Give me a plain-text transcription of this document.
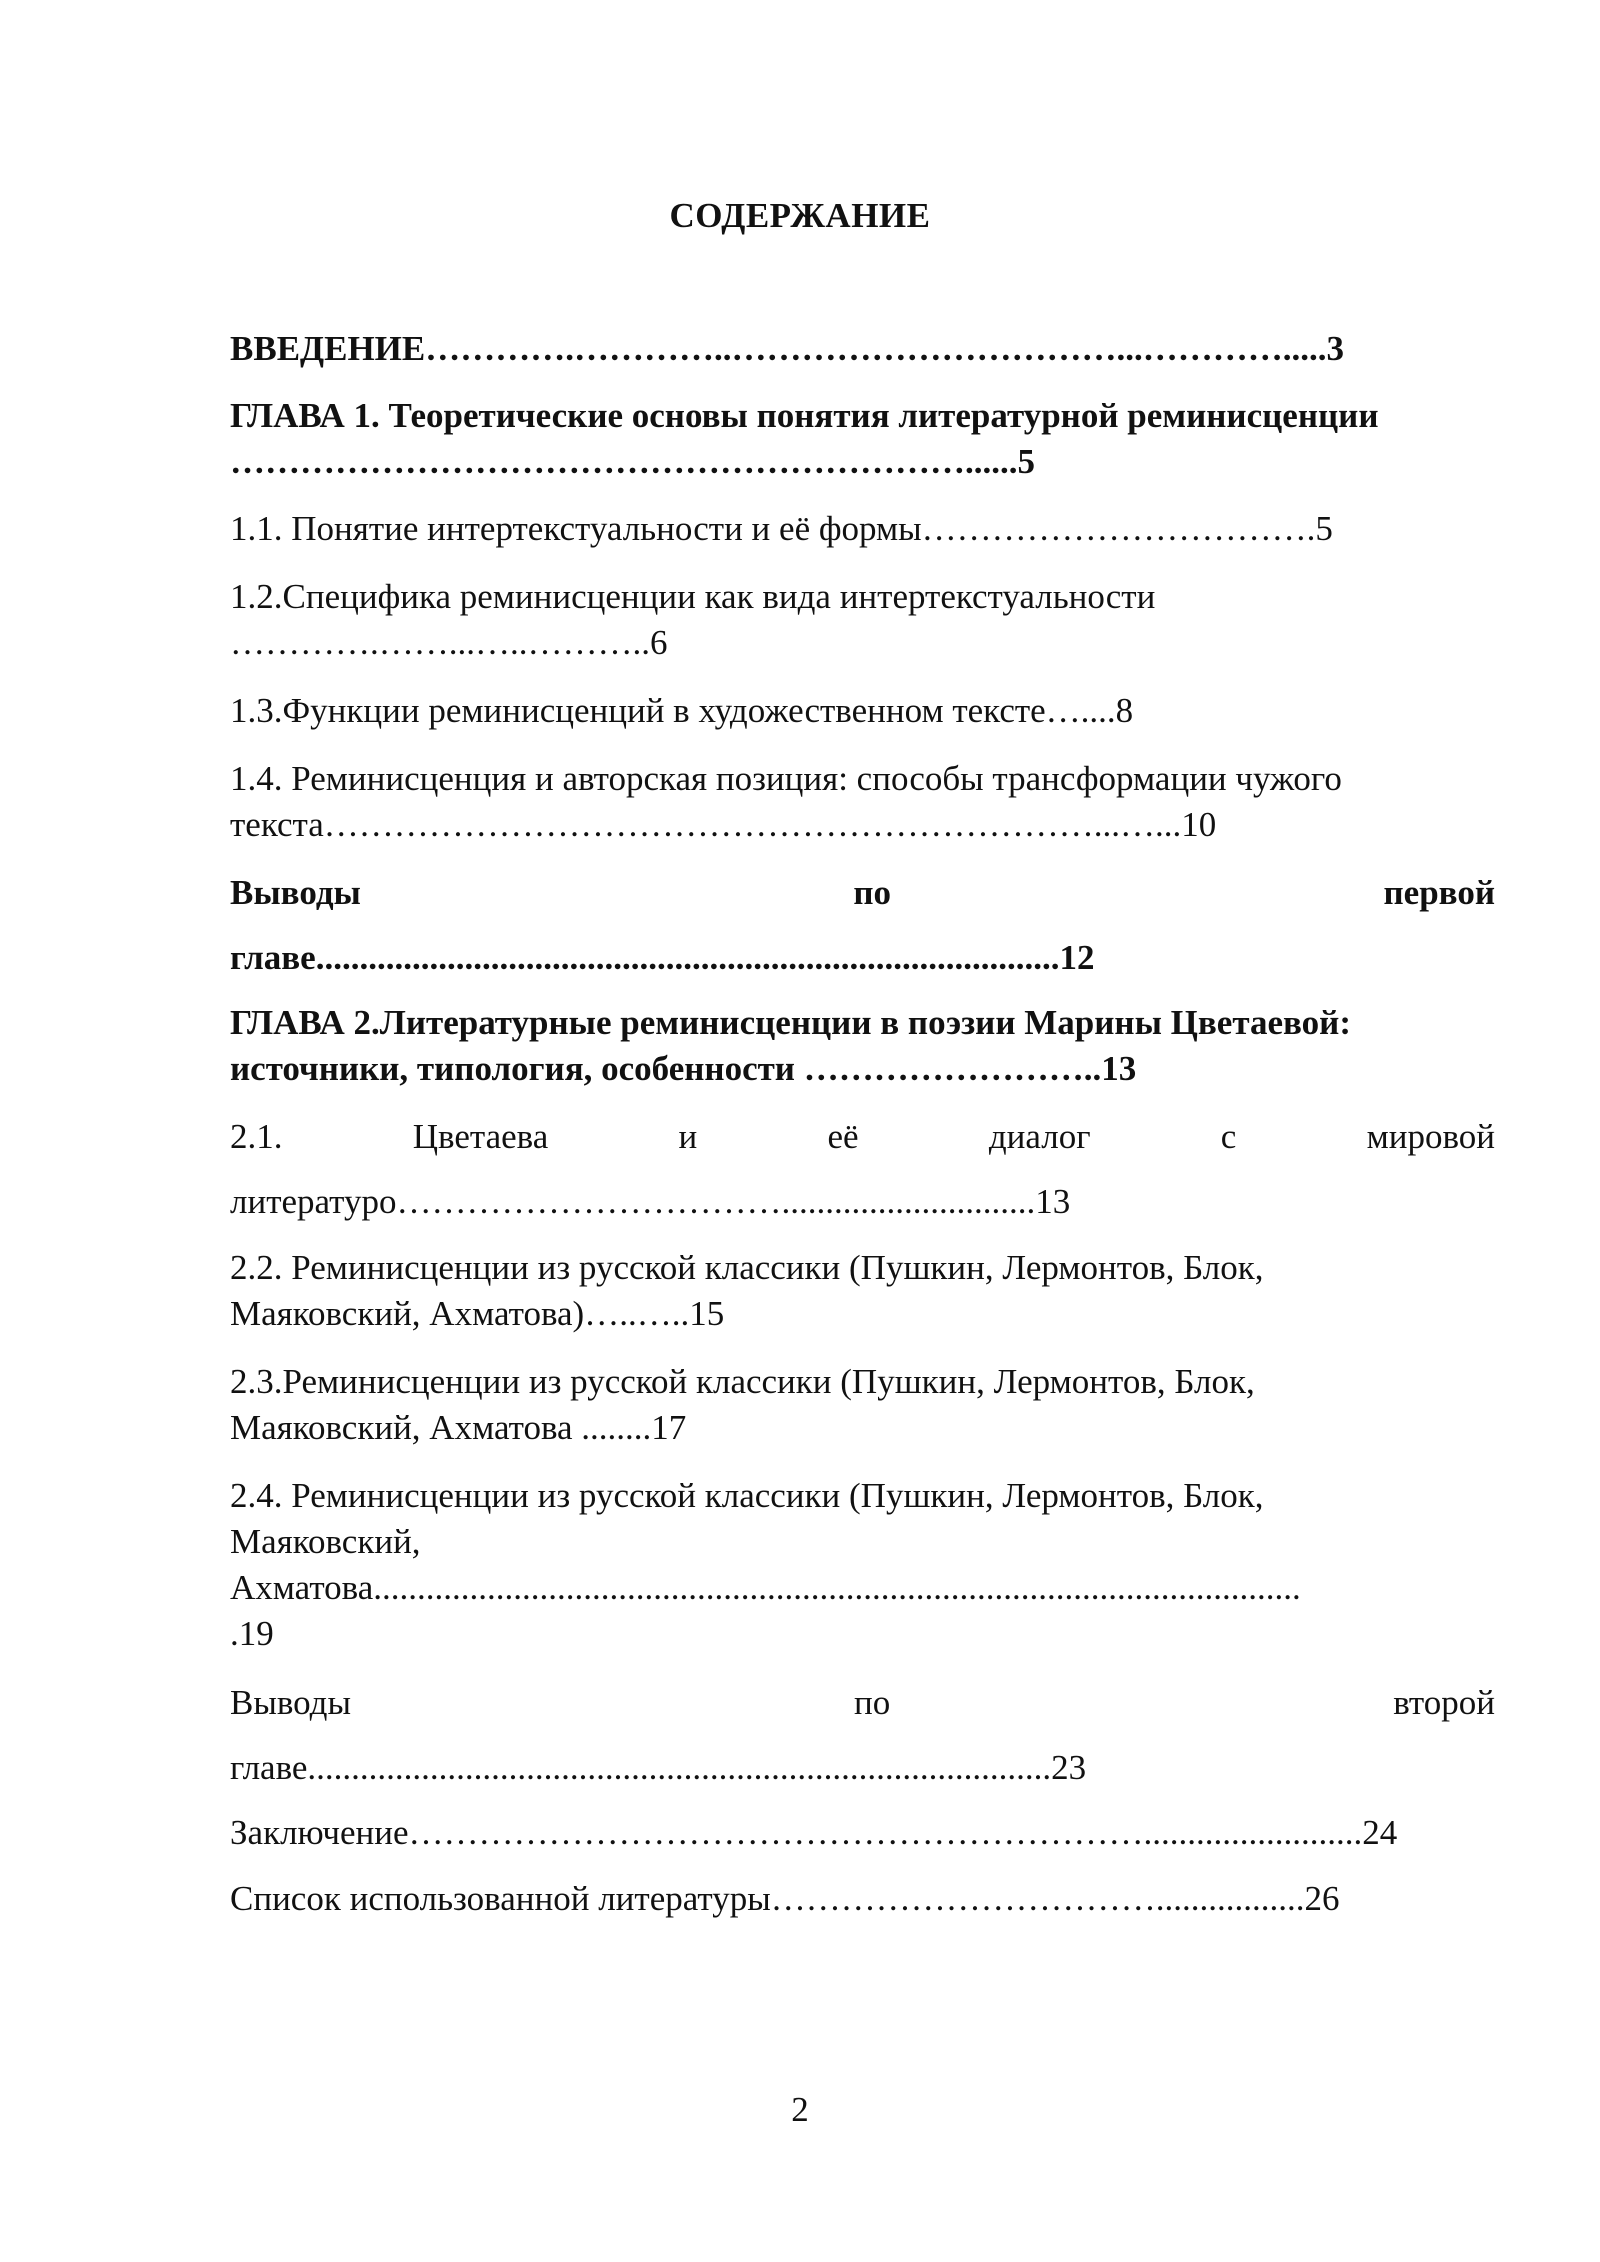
СОДЕРЖАНИЕ
ВВЕДЕНИЕ………….…………..……………………………...………….....3
ГЛАВА 1. Теоретические основы понятия литературной реминисценции
………………………………………………………......5
1.1. Понятие интертекстуальности и её формы…………………………….5
1.2.Специфика реминисценции как вида интертекстуальности
………….……...…..………..6
1.3.Функции реминисценций в художественном тексте…....8
1.4. Реминисценция и авторская позиция: способы трансформации чужого
текста…………………………………………………………...…...10
Выводы	по	первой
главе.....................................................................................12
ГЛАВА 2.Литературные реминисценции в поэзии Марины Цветаевой:
источники, типология, особенности ……………………..13
2.1.	Цветаева	и	её	диалог	с	мировой
литературо…………………………….............................13
2.2. Реминисценции из русской классики (Пушкин, Лермонтов, Блок,
Маяковский, Ахматова)…..…..15
2.3.Реминисценции из русской классики (Пушкин, Лермонтов, Блок,
Маяковский, Ахматова ........17
2.4. Реминисценции из русской классики (Пушкин, Лермонтов, Блок,
Маяковский,
Ахматова..........................................................................................................
.19
Выводы	по	второй
главе.....................................................................................23
Заключение……………………………………………………….........................24
Список использованной литературы…………………………….................26
2
